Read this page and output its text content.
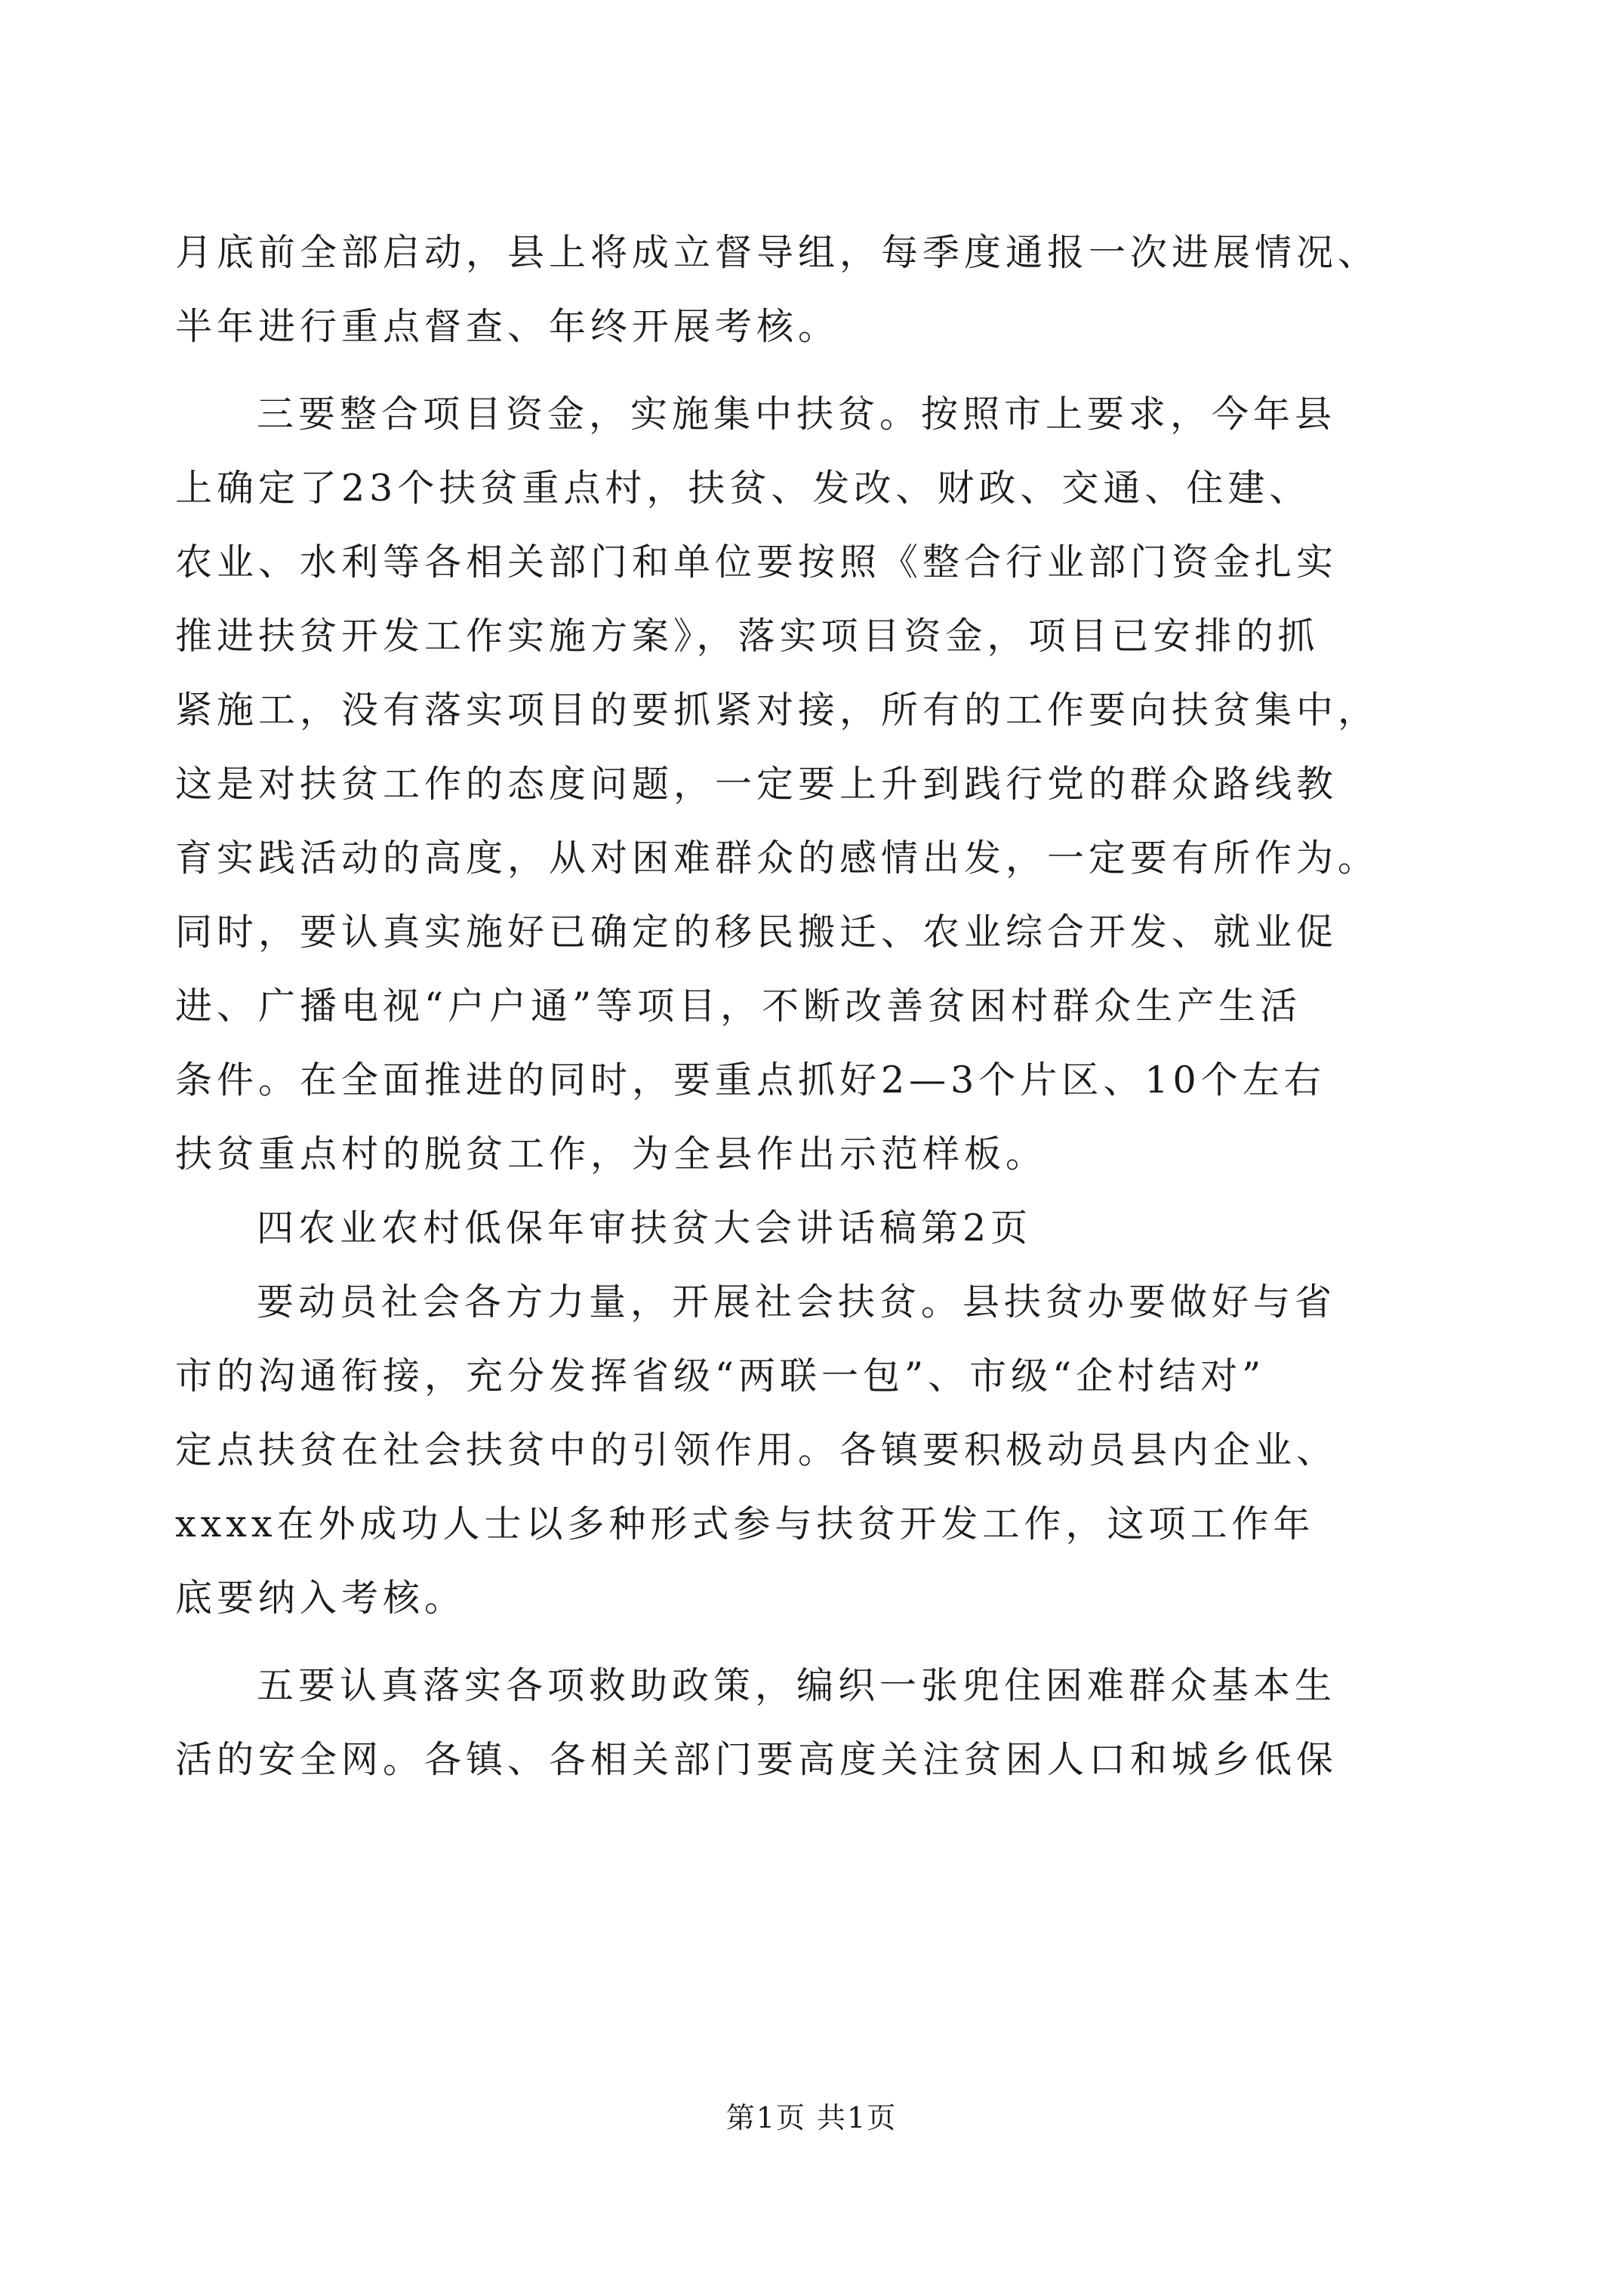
月底前全部启动，县上将成立督导组，每季度通报一次进展情况、
半年进行重点督查、年终开展考核。
三要整合项目资金，实施集中扶贫。按照市上要求，今年县
上确定了23个扶贫重点村，扶贫、发改、财政、交通、住建、
农业、水利等各相关部门和单位要按照《整合行业部门资金扎实
推进扶贫开发工作实施方案》，落实项目资金，项目已安排的抓
紧施工，没有落实项目的要抓紧对接，所有的工作要向扶贫集中，
这是对扶贫工作的态度问题，一定要上升到践行党的群众路线教
育实践活动的高度，从对困难群众的感情出发，一定要有所作为。
同时，要认真实施好已确定的移民搬迁、农业综合开发、就业促
进、广播电视“户户通”等项目，不断改善贫困村群众生产生活
条件。在全面推进的同时，要重点抓好2—3个片区、10个左右
扶贫重点村的脱贫工作，为全县作出示范样板。
四农业农村低保年审扶贫大会讲话稿第2页
要动员社会各方力量，开展社会扶贫。县扶贫办要做好与省
市的沟通衔接，充分发挥省级“两联一包”、市级“企村结对”
定点扶贫在社会扶贫中的引领作用。各镇要积极动员县内企业、
xxxx在外成功人士以多种形式参与扶贫开发工作，这项工作年
底要纳入考核。
五要认真落实各项救助政策，编织一张兜住困难群众基本生
活的安全网。各镇、各相关部门要高度关注贫困人口和城乡低保
第1页 共1页
